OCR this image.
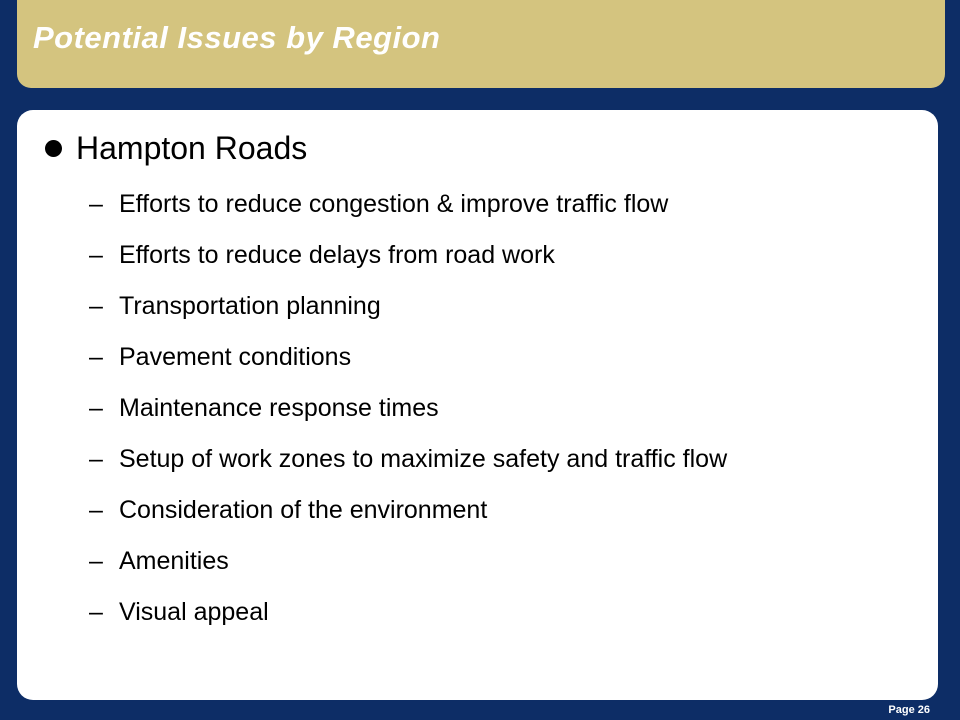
Potential Issues by Region
Hampton Roads
– Efforts to reduce congestion & improve traffic flow
– Efforts to reduce delays from road work
– Transportation planning
– Pavement conditions
– Maintenance response times
– Setup of work zones to maximize safety and traffic flow
– Consideration of the environment
– Amenities
– Visual appeal
Page 26
